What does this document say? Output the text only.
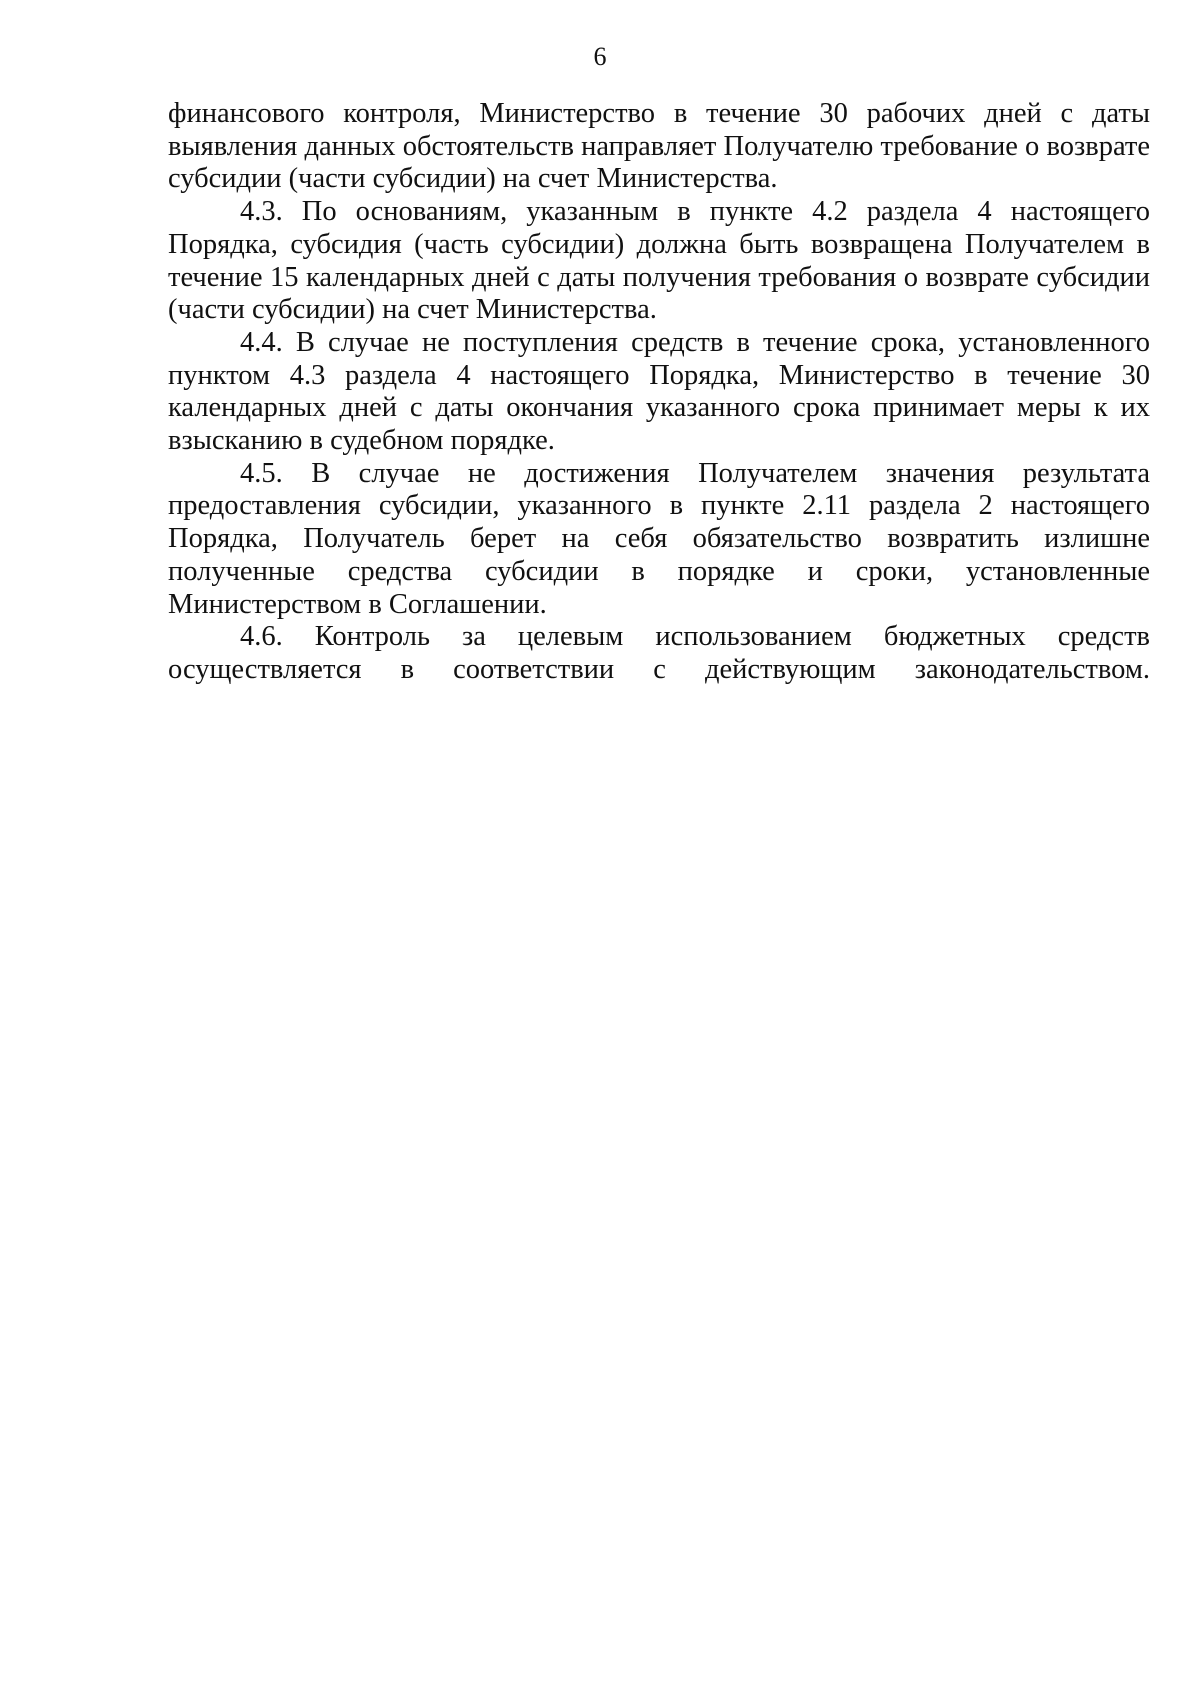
6

финансового контроля, Министерство в течение 30 рабочих дней с даты выявления данных обстоятельств направляет Получателю требование о возврате субсидии (части субсидии) на счет Министерства.

4.3. По основаниям, указанным в пункте 4.2 раздела 4 настоящего Порядка, субсидия (часть субсидии) должна быть возвращена Получателем в течение 15 календарных дней с даты получения требования о возврате субсидии (части субсидии) на счет Министерства.

4.4. В случае не поступления средств в течение срока, установленного пунктом 4.3 раздела 4 настоящего Порядка, Министерство в течение 30 календарных дней с даты окончания указанного срока принимает меры к их взысканию в судебном порядке.

4.5. В случае не достижения Получателем значения результата предоставления субсидии, указанного в пункте 2.11 раздела 2 настоящего Порядка, Получатель берет на себя обязательство возвратить излишне полученные средства субсидии в порядке и сроки, установленные Министерством в Соглашении.

4.6. Контроль за целевым использованием бюджетных средств осуществляется в соответствии с действующим законодательством.
